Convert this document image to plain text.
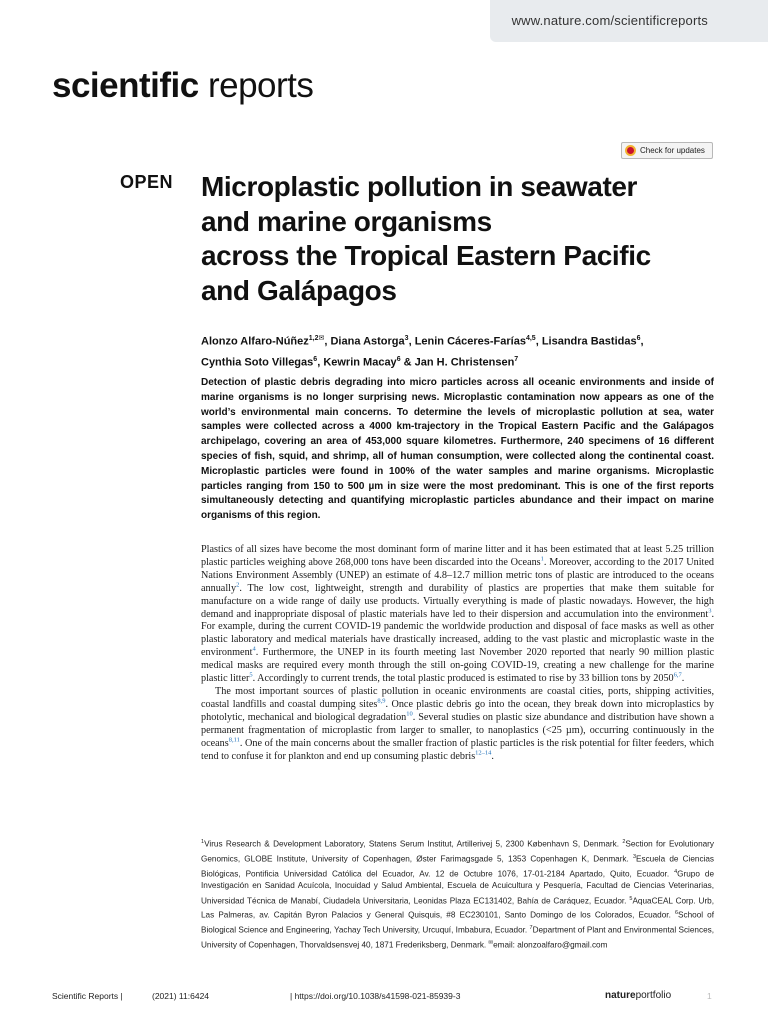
www.nature.com/scientificreports
scientific reports
Check for updates
OPEN Microplastic pollution in seawater
and marine organisms
across the Tropical Eastern Pacific
and Galápagos
Alonzo Alfaro-Núñez$^{1,2✉}$, Diana Astorga$^3$, Lenin Cáceres-Farías$^{4,5}$, Lisandra Bastidas$^6$,
Cynthia Soto Villegas$^6$, Kewrin Macay$^6$ & Jan H. Christensen$^7$

Detection of plastic debris degrading into micro particles across all oceanic environments and inside of marine organisms is no longer surprising news. Microplastic contamination now appears as one of the world’s environmental main concerns. To determine the levels of microplastic pollution at sea, water samples were collected across a 4000 km-trajectory in the Tropical Eastern Pacific and the Galápagos archipelago, covering an area of 453,000 square kilometres. Furthermore, 240 specimens of 16 different species of fish, squid, and shrimp, all of human consumption, were collected along the continental coast. Microplastic particles were found in 100% of the water samples and marine organisms. Microplastic particles ranging from 150 to 500 µm in size were the most predominant. This is one of the first reports simultaneously detecting and quantifying microplastic particles abundance and their impact on marine organisms of this region.

Plastics of all sizes have become the most dominant form of marine litter and it has been estimated that at least 5.25 trillion plastic particles weighing above 268,000 tons have been discarded into the Oceans$^1$. Moreover, according to the 2017 United Nations Environment Assembly (UNEP) an estimate of 4.8–12.7 million metric tons of plastic are introduced to the oceans annually$^2$. The low cost, lightweight, strength and durability of plastics are properties that make them suitable for manufacture on a wide range of daily use products. Virtually everything is made of plastic nowadays. However, the high demand and inappropriate disposal of plastic materials have led to their dispersion and accumulation into the environment$^3$. For example, during the current COVID-19 pandemic the worldwide production and disposal of face masks as well as other plastic laboratory and medical materials have drastically increased, adding to the vast plastic and microplastic waste in the environment$^4$. Furthermore, the UNEP in its fourth meeting last November 2020 reported that nearly 90 million plastic medical masks are required every month through the still on-going COVID-19, creating a new challenge for the marine plastic litter$^5$. Accordingly to current trends, the total plastic produced is estimated to rise by 33 billion tons by 2050$^{6,7}$.

The most important sources of plastic pollution in oceanic environments are coastal cities, ports, shipping activities, coastal landfills and coastal dumping sites$^{8,9}$. Once plastic debris go into the ocean, they break down into microplastics by photolytic, mechanical and biological degradation$^{10}$. Several studies on plastic size abundance and distribution have shown a permanent fragmentation of microplastic from larger to smaller, to nanoplastics (<25 µm), occurring continuously in the oceans$^{8,11}$. One of the main concerns about the smaller fraction of plastic particles is the risk potential for filter feeders, which tend to confuse it for plankton and end up consuming plastic debris$^{12-14}$.

$^1$Virus Research & Development Laboratory, Statens Serum Institut, Artillerivej 5, 2300 København S, Denmark. $^2$Section for Evolutionary Genomics, GLOBE Institute, University of Copenhagen, Øster Farimagsgade 5, 1353 Copenhagen K, Denmark. $^3$Escuela de Ciencias Biológicas, Pontificia Universidad Católica del Ecuador, Av. 12 de Octubre 1076, 17-01-2184 Apartado, Quito, Ecuador. $^4$Grupo de Investigación en Sanidad Acuícola, Inocuidad y Salud Ambiental, Escuela de Acuicultura y Pesquería, Facultad de Ciencias Veterinarias, Universidad Técnica de Manabí, Ciudadela Universitaria, Leonidas Plaza EC131402, Bahía de Caráquez, Ecuador. $^5$AquaCEAL Corp. Urb, Las Palmeras, av. Capitán Byron Palacios y General Quisquis, #8 EC230101, Santo Domingo de los Colorados, Ecuador. $^6$School of Biological Science and Engineering, Yachay Tech University, Urcuquí, Imbabura, Ecuador. $^7$Department of Plant and Environmental Sciences, University of Copenhagen, Thorvaldsensvej 40, 1871 Frederiksberg, Denmark. ✉email: alonzoalfaro@gmail.com

Scientific Reports |	(2021) 11:6424	| https://doi.org/10.1038/s41598-021-85939-3	natureportfolio	1
